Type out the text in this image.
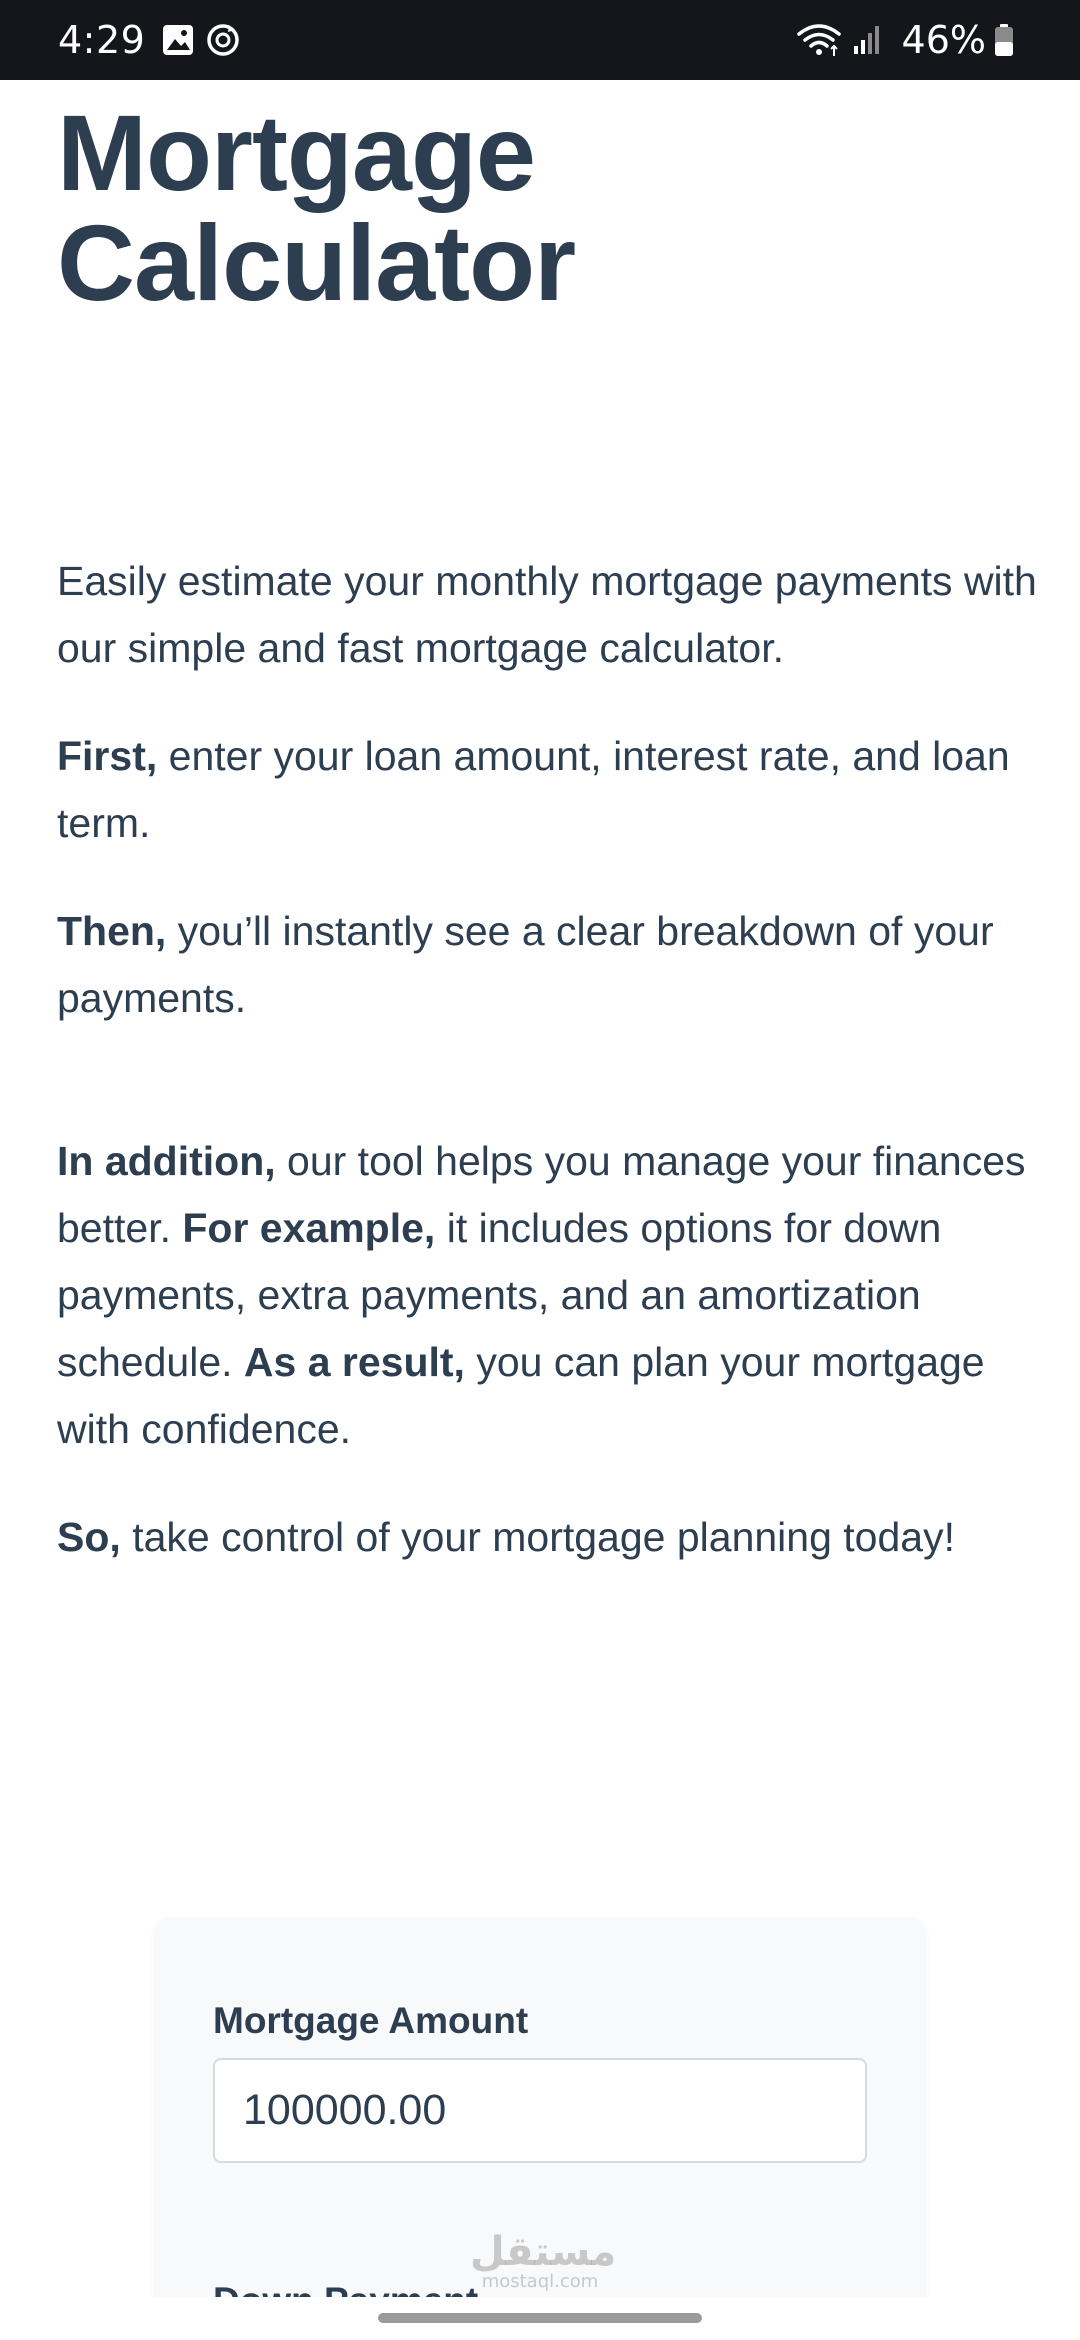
4:29	46%
Mortgage
Calculator

Easily estimate your monthly mortgage payments with our simple and fast mortgage calculator.

First, enter your loan amount, interest rate, and loan term.

Then, you’ll instantly see a clear breakdown of your payments.

In addition, our tool helps you manage your finances better. For example, it includes options for down payments, extra payments, and an amortization schedule. As a result, you can plan your mortgage with confidence.

So, take control of your mortgage planning today!

Mortgage Amount
100000.00
مستقل
mostaql.com
